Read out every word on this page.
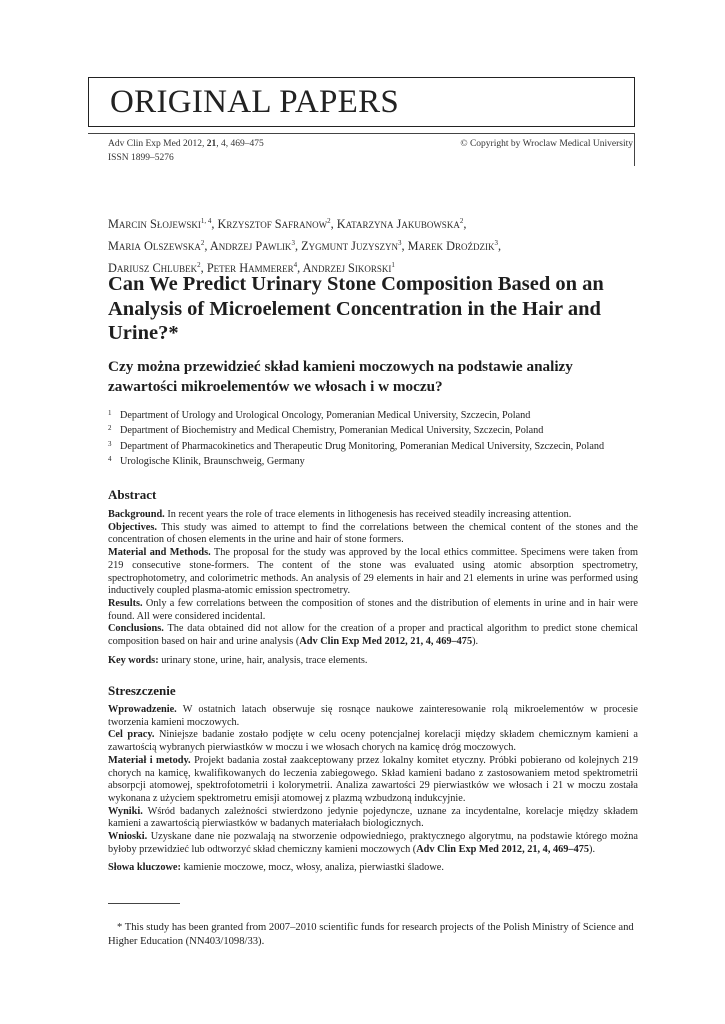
ORIGINAL PAPERS
Adv Clin Exp Med 2012, 21, 4, 469–475
ISSN 1899–5276
© Copyright by Wroclaw Medical University
Marcin Słojewski$^{1, 4}$, Krzysztof Safranow$^2$, Katarzyna Jakubowska$^2$,
Maria Olszewska$^2$, Andrzej Pawlik$^3$, Zygmunt Juzyszyn$^3$, Marek Droździk$^3$,
Dariusz Chlubek$^2$, Peter Hammerer$^4$, Andrzej Sikorski$^1$
Can We Predict Urinary Stone Composition Based on an Analysis of Microelement Concentration in the Hair and Urine?*
Czy można przewidzieć skład kamieni moczowych na podstawie analizy zawartości mikroelementów we włosach i w moczu?
1 Department of Urology and Urological Oncology, Pomeranian Medical University, Szczecin, Poland
2 Department of Biochemistry and Medical Chemistry, Pomeranian Medical University, Szczecin, Poland
3 Department of Pharmacokinetics and Therapeutic Drug Monitoring, Pomeranian Medical University, Szczecin, Poland
4 Urologische Klinik, Braunschweig, Germany
Abstract

Background. In recent years the role of trace elements in lithogenesis has received steadily increasing attention.

Objectives. This study was aimed to attempt to find the correlations between the chemical content of the stones and the concentration of chosen elements in the urine and hair of stone formers.

Material and Methods. The proposal for the study was approved by the local ethics committee. Specimens were taken from 219 consecutive stone-formers. The content of the stone was evaluated using atomic absorption spectrometry, spectrophotometry, and colorimetric methods. An analysis of 29 elements in hair and 21 elements in urine was performed using inductively coupled plasma-atomic emission spectrometry.

Results. Only a few correlations between the composition of stones and the distribution of elements in urine and in hair were found. All were considered incidental.

Conclusions. The data obtained did not allow for the creation of a proper and practical algorithm to predict stone chemical composition based on hair and urine analysis (Adv Clin Exp Med 2012, 21, 4, 469–475).

Key words: urinary stone, urine, hair, analysis, trace elements.

Streszczenie

Wprowadzenie. W ostatnich latach obserwuje się rosnące naukowe zainteresowanie rolą mikroelementów w procesie tworzenia kamieni moczowych.

Cel pracy. Niniejsze badanie zostało podjęte w celu oceny potencjalnej korelacji między składem chemicznym kamieni a zawartością wybranych pierwiastków w moczu i we włosach chorych na kamicę dróg moczowych.

Materiał i metody. Projekt badania został zaakceptowany przez lokalny komitet etyczny. Próbki pobierano od kolejnych 219 chorych na kamicę, kwalifikowanych do leczenia zabiegowego. Skład kamieni badano z zastosowaniem metod spektrometrii absorpcji atomowej, spektrofotometrii i kolorymetrii. Analiza zawartości 29 pierwiastków we włosach i 21 w moczu została wykonana z użyciem spektrometru emisji atomowej z plazmą wzbudzoną indukcyjnie.

Wyniki. Wśród badanych zależności stwierdzono jedynie pojedyncze, uznane za incydentalne, korelacje między składem kamieni a zawartością pierwiastków w badanych materiałach biologicznych.

Wnioski. Uzyskane dane nie pozwalają na stworzenie odpowiedniego, praktycznego algorytmu, na podstawie którego można byłoby przewidzieć lub odtworzyć skład chemiczny kamieni moczowych (Adv Clin Exp Med 2012, 21, 4, 469–475).

Słowa kluczowe: kamienie moczowe, mocz, włosy, analiza, pierwiastki śladowe.

* This study has been granted from 2007–2010 scientific funds for research projects of the Polish Ministry of Science and Higher Education (NN403/1098/33).
